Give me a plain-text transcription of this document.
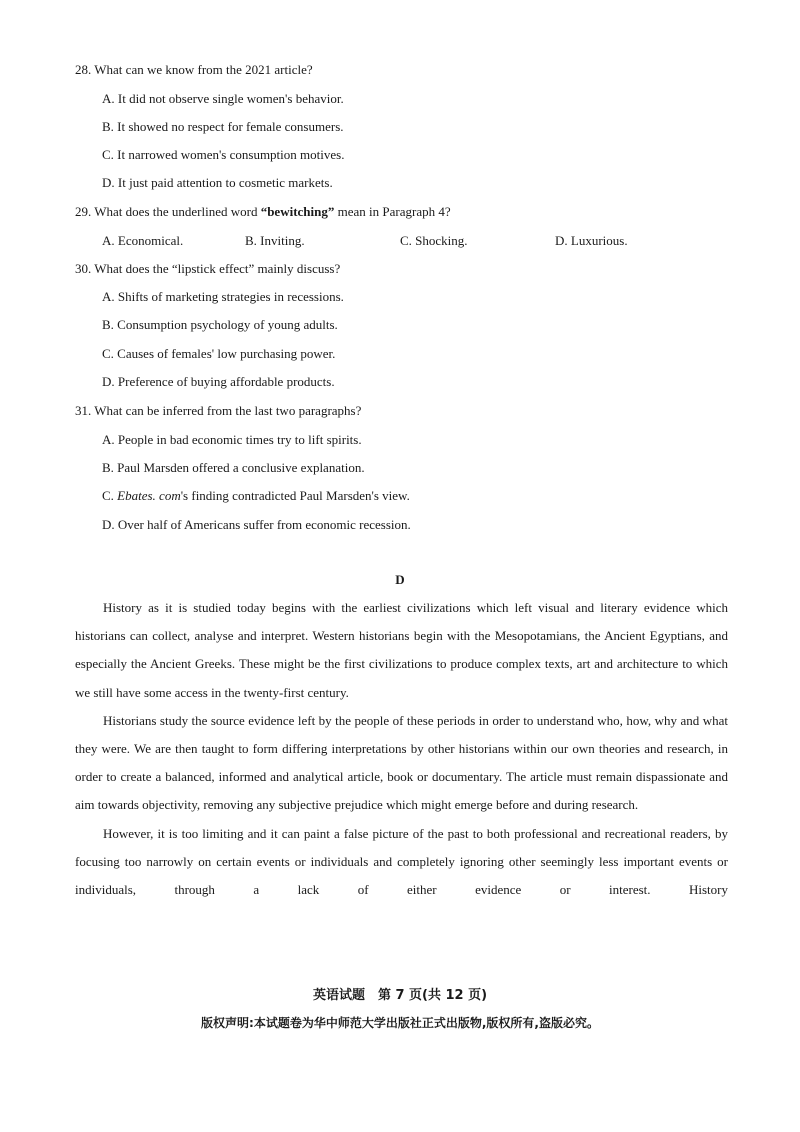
28. What can we know from the 2021 article?
A. It did not observe single women's behavior.
B. It showed no respect for female consumers.
C. It narrowed women's consumption motives.
D. It just paid attention to cosmetic markets.
29. What does the underlined word “bewitching” mean in Paragraph 4?
A. Economical.	B. Inviting.	C. Shocking.	D. Luxurious.
30. What does the “lipstick effect” mainly discuss?
A. Shifts of marketing strategies in recessions.
B. Consumption psychology of young adults.
C. Causes of females' low purchasing power.
D. Preference of buying affordable products.
31. What can be inferred from the last two paragraphs?
A. People in bad economic times try to lift spirits.
B. Paul Marsden offered a conclusive explanation.
C. Ebates. com's finding contradicted Paul Marsden's view.
D. Over half of Americans suffer from economic recession.
D

History as it is studied today begins with the earliest civilizations which left visual and literary evidence which historians can collect, analyse and interpret. Western historians begin with the Mesopotamians, the Ancient Egyptians, and especially the Ancient Greeks. These might be the first civilizations to produce complex texts, art and architecture to which we still have some access in the twenty-first century.

Historians study the source evidence left by the people of these periods in order to understand who, how, why and what they were. We are then taught to form differing interpretations by other historians within our own theories and research, in order to create a balanced, informed and analytical article, book or documentary. The article must remain dispassionate and aim towards objectivity, removing any subjective prejudice which might emerge before and during research.

However, it is too limiting and it can paint a false picture of the past to both professional and recreational readers, by focusing too narrowly on certain events or individuals and completely ignoring other seemingly less important events or individuals, through a lack of either evidence or interest. History

英语试题　第 7 页(共 12 页)
版权声明:本试题卷为华中师范大学出版社正式出版物,版权所有,盗版必究。
